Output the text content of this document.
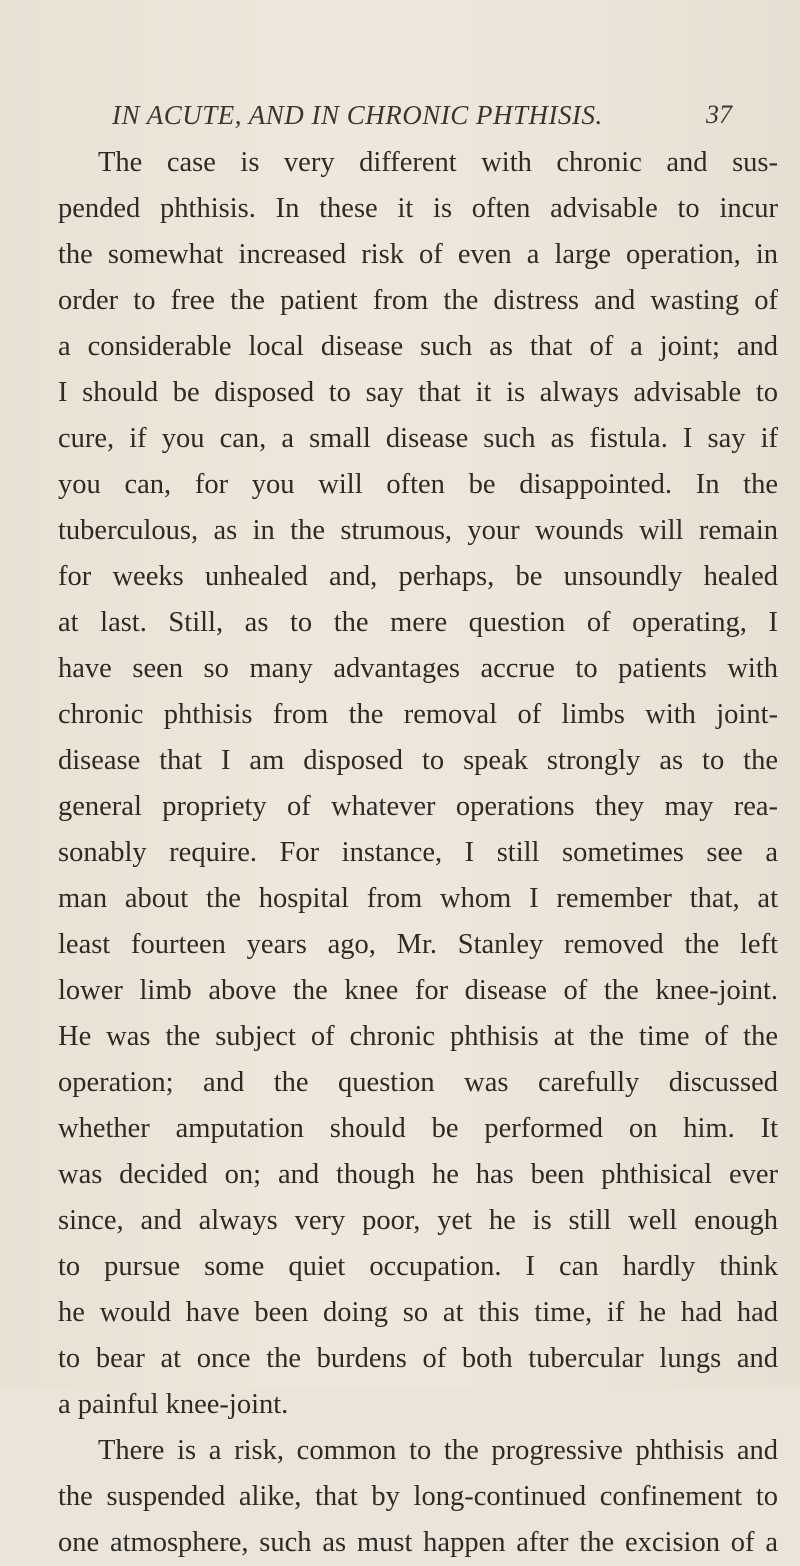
IN ACUTE, AND IN CHRONIC PHTHISIS.	37
The case is very different with chronic and sus-
pended phthisis. In these it is often advisable to incur
the somewhat increased risk of even a large operation, in
order to free the patient from the distress and wasting of
a considerable local disease such as that of a joint; and
I should be disposed to say that it is always advisable to
cure, if you can, a small disease such as fistula. I say if
you can, for you will often be disappointed. In the
tuberculous, as in the strumous, your wounds will remain
for weeks unhealed and, perhaps, be unsoundly healed
at last. Still, as to the mere question of operating, I
have seen so many advantages accrue to patients with
chronic phthisis from the removal of limbs with joint-
disease that I am disposed to speak strongly as to the
general propriety of whatever operations they may rea-
sonably require. For instance, I still sometimes see a
man about the hospital from whom I remember that, at
least fourteen years ago, Mr. Stanley removed the left
lower limb above the knee for disease of the knee-joint.
He was the subject of chronic phthisis at the time of the
operation; and the question was carefully discussed
whether amputation should be performed on him. It
was decided on; and though he has been phthisical ever
since, and always very poor, yet he is still well enough
to pursue some quiet occupation. I can hardly think
he would have been doing so at this time, if he had had
to bear at once the burdens of both tubercular lungs and
a painful knee-joint.
There is a risk, common to the progressive phthisis and
the suspended alike, that by long-continued confinement to
one atmosphere, such as must happen after the excision of a
